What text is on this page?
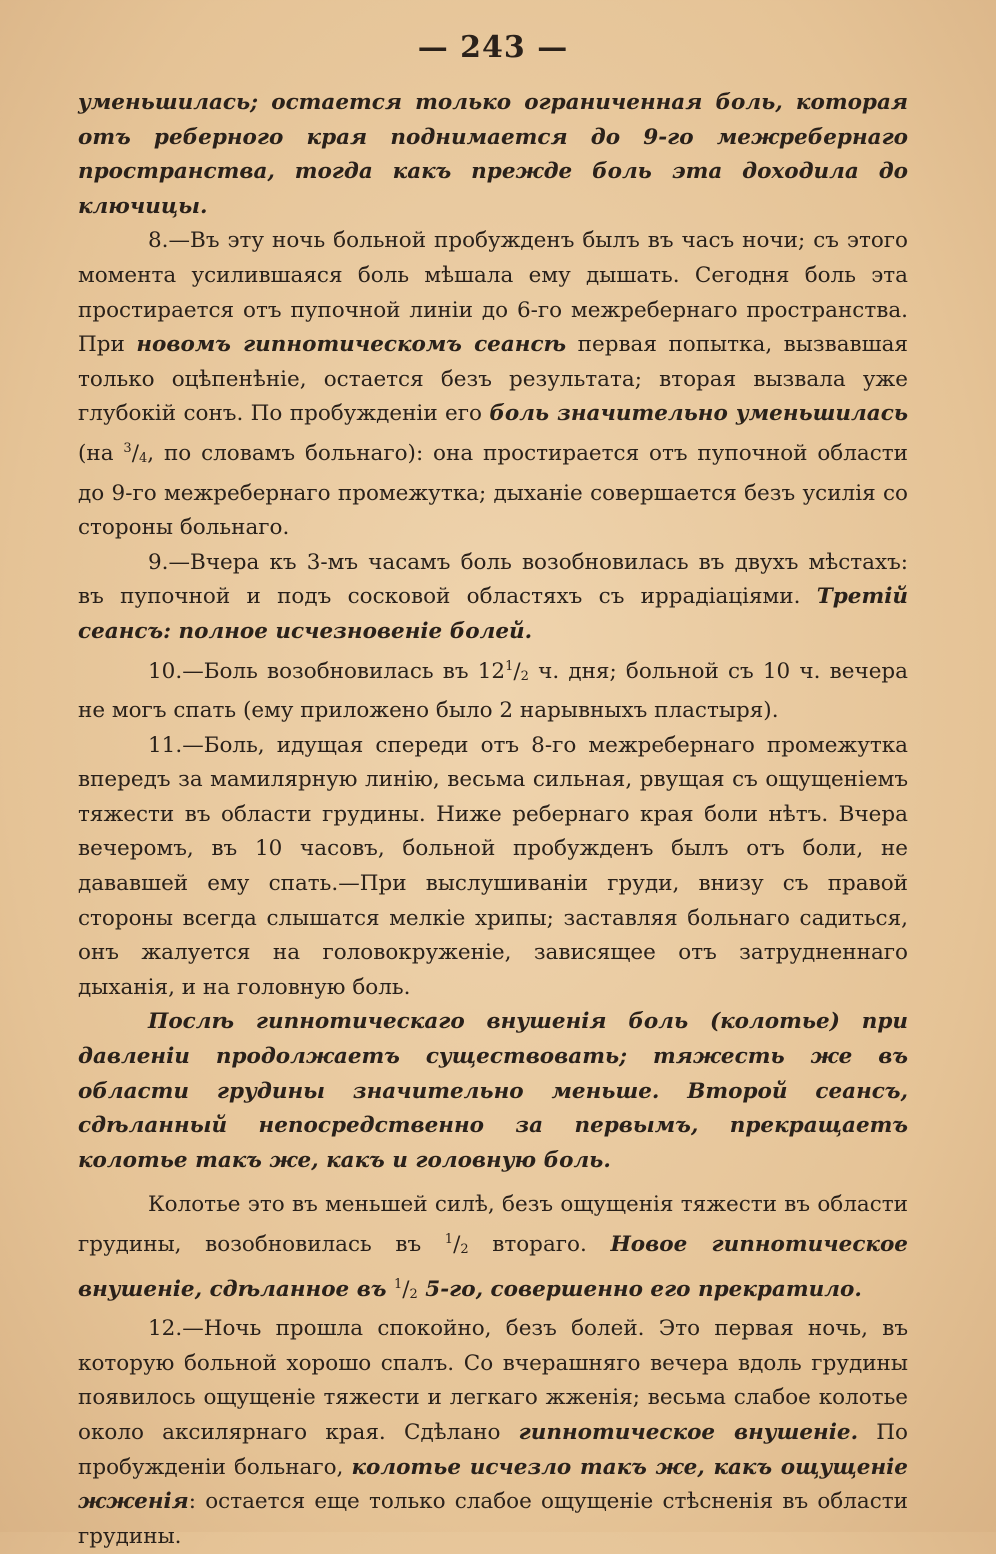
— 243 —

уменьшилась; остается только ограниченная боль, которая отъ реберного края поднимается до 9-го межребернаго пространства, тогда какъ прежде боль эта доходила до ключицы.

8.—Въ эту ночь больной пробужденъ былъ въ часъ ночи; съ этого момента усилившаяся боль мѣшала ему дышать. Сегодня боль эта простирается отъ пупочной линіи до 6-го межребернаго пространства. При новомъ гипнотическомъ сеансѣ первая попытка, вызвавшая только оцѣпенѣніе, остается безъ результата; вторая вызвала уже глубокій сонъ. По пробужденіи его боль значительно уменьшилась (на $^3/_4$, по словамъ больнаго): она простирается отъ пупочной области до 9-го межребернаго промежутка; дыханіе совершается безъ усилія со стороны больнаго.

9.—Вчера къ 3-мъ часамъ боль возобновилась въ двухъ мѣстахъ: въ пупочной и подъ сосковой областяхъ съ иррадіаціями. Третій сеансъ: полное исчезновеніе болей.

10.—Боль возобновилась въ $12^1/_2$ ч. дня; больной съ 10 ч. вечера не могъ спать (ему приложено было 2 нарывныхъ пластыря).

11.—Боль, идущая спереди отъ 8-го межребернаго промежутка впередъ за мамилярную линію, весьма сильная, рвущая съ ощущеніемъ тяжести въ области грудины. Ниже ребернаго края боли нѣтъ. Вчера вечеромъ, въ 10 часовъ, больной пробужденъ былъ отъ боли, не дававшей ему спать.—При выслушиваніи груди, внизу съ правой стороны всегда слышатся мелкіе хрипы; заставляя больнаго садиться, онъ жалуется на головокруженіе, зависящее отъ затрудненнаго дыханія, и на головную боль.

Послѣ гипнотическаго внушенія боль (колотье) при давленіи продолжаетъ существовать; тяжесть же въ области грудины значительно меньше. Второй сеансъ, сдѣланный непосредственно за первымъ, прекращаетъ колотье такъ же, какъ и головную боль.

Колотье это въ меньшей силѣ, безъ ощущенія тяжести въ области грудины, возобновилась въ $^1/_2$ втораго. Новое гипнотическое внушеніе, сдѣланное въ $^1/_2$ 5-го, совершенно его прекратило.

12.—Ночь прошла спокойно, безъ болей. Это первая ночь, въ которую больной хорошо спалъ. Со вчерашняго вечера вдоль грудины появилось ощущеніе тяжести и легкаго жженія; весьма слабое колотье около аксилярнаго края. Сдѣлано гипнотическое внушеніе. По пробужденіи больнаго, колотье исчезло такъ же, какъ ощущеніе жженія: остается еще только слабое ощущеніе стѣсненія въ области грудины.
